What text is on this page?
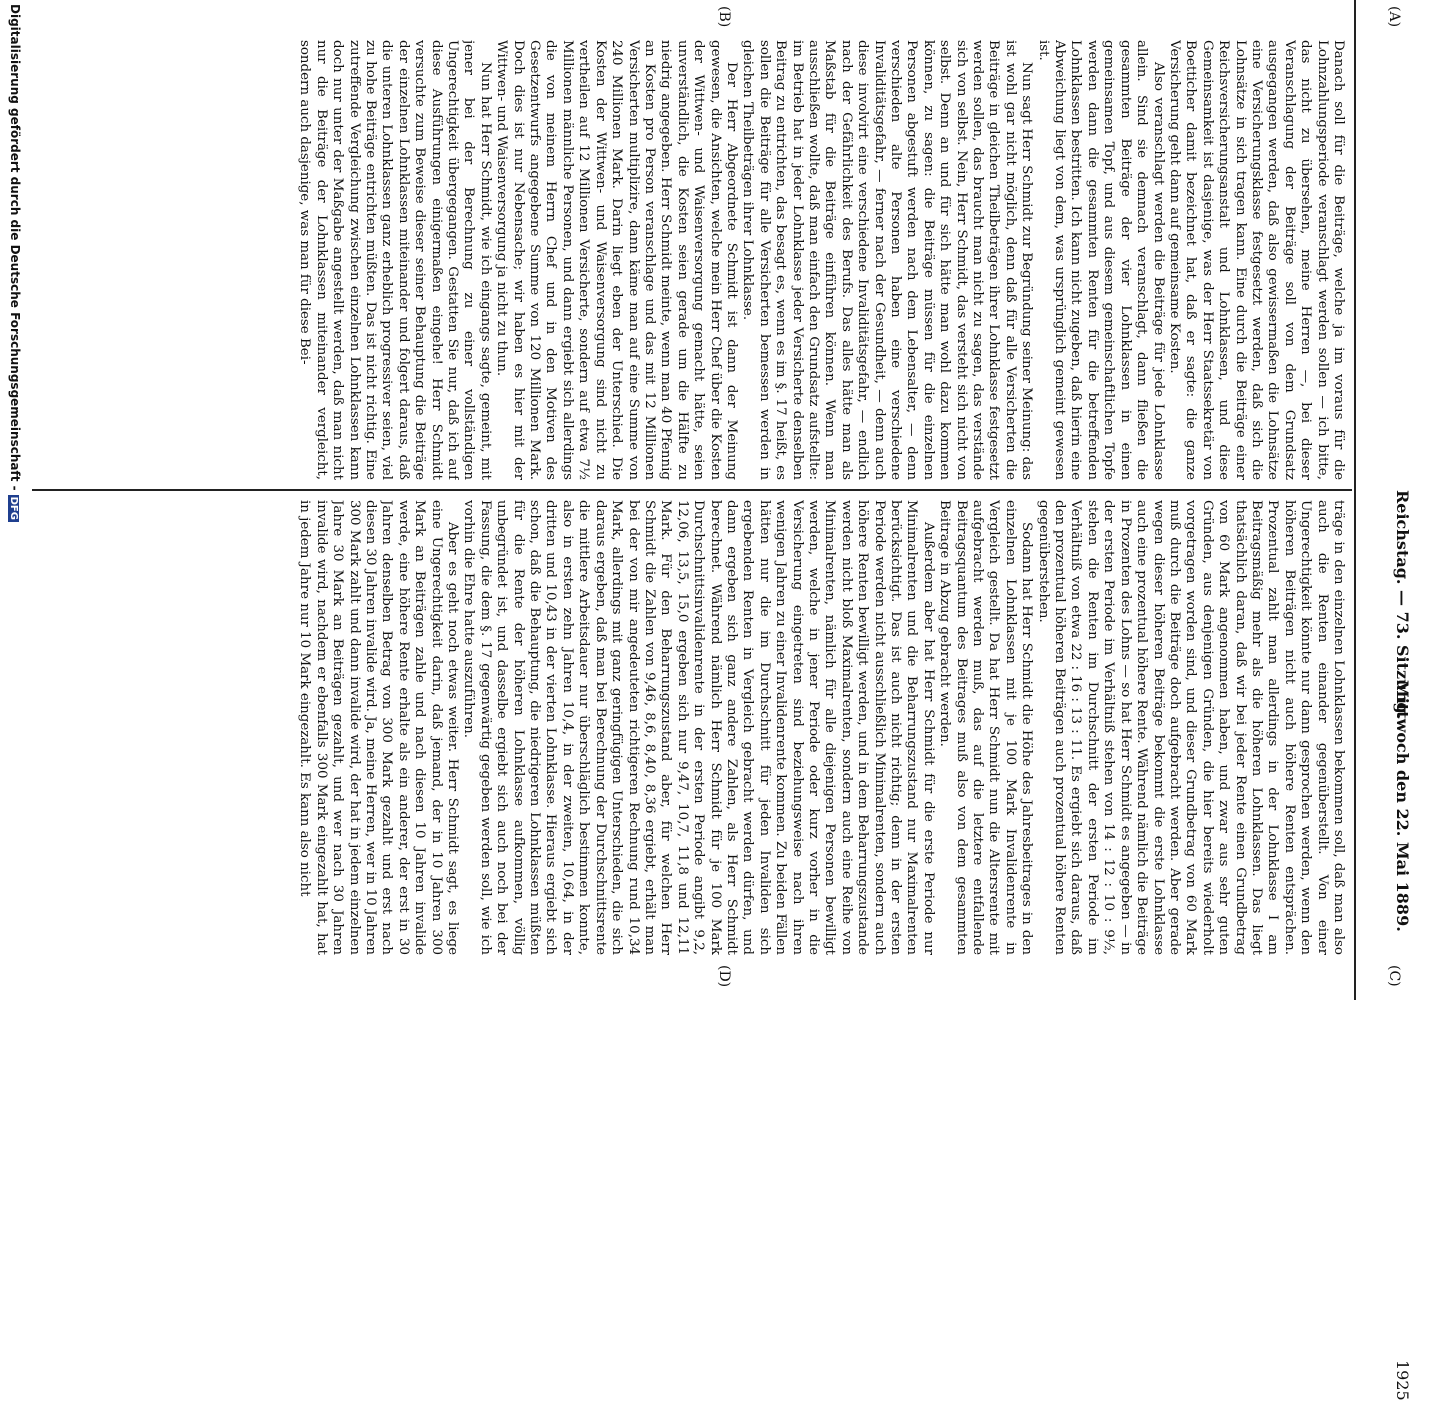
Reichstag. — 73. Sitzung.
Mittwoch den 22. Mai 1889.
1925
(A)
(B)
(C)
(D)

Danach soll für die Beiträge, welche ja im voraus für die Lohnzahlungsperiode veranschlagt werden sollen — ich bitte, das nicht zu übersehen, meine Herren —, bei dieser Veranschlagung der Beiträge soll von dem Grundsatz ausgegangen werden, daß also gewissermaßen die Lohnsätze eine Versicherungsklasse festgesetzt werden, daß sich die Lohnsätze in sich tragen kann. Eine durch die Beiträge einer Reichsversicherungsanstalt und Lohnklassen, und diese Gemeinsamkeit ist dasjenige, was der Herr Staatssekretär von Boetticher damit bezeichnet hat, daß er sagte: die ganze Versicherung geht dann auf gemeinsame Kosten.

Also veranschlagt werden die Beiträge für jede Lohnklasse allein. Sind sie demnach veranschlagt, dann fließen die gesammten Beiträge der vier Lohnklassen in einen gemeinsamen Topf, und aus diesem gemeinschaftlichen Topfe werden dann die gesammten Renten für die betreffenden Lohnklassen bestritten. Ich kann nicht zugeben, daß hierin eine Abweichung liegt von dem, was ursprünglich gemeint gewesen ist.

Nun sagt Herr Schmidt zur Begründung seiner Meinung: das ist wohl gar nicht möglich, denn daß für alle Versicherten die Beiträge in gleichen Theilbeträgen ihrer Lohnklasse festgesetzt werden sollen, das braucht man nicht zu sagen, das verstände sich von selbst. Nein, Herr Schmidt, das versteht sich nicht von selbst. Denn an und für sich hätte man wohl dazu kommen können, zu sagen: die Beiträge müssen für die einzelnen Personen abgestuft werden nach dem Lebensalter, — denn verschieden alte Personen haben eine verschiedene Invaliditätsgefahr, — ferner nach der Gesundheit, — denn auch diese involvirt eine verschiedene Invaliditätsgefahr, — endlich nach der Gefährlichkeit des Berufs. Das alles hätte man als Maßstab für die Beiträge einführen können. Wenn man ausschließen wollte, daß man einfach den Grundsatz aufstellte: im Betrieb hat in jeder Lohnklasse jeder Versicherte denselben Beitrag zu entrichten, das besagt es, wenn es im §. 17 heißt, es sollen die Beiträge für alle Versicherten bemessen werden in gleichen Theilbeträgen ihrer Lohnklasse.

Der Herr Abgeordnete Schmidt ist dann der Meinung gewesen, die Ansichten, welche mein Herr Chef über die Kosten der Wittwen- und Waisenversorgung gemacht hätte, seien unverständlich, die Kosten seien gerade um die Hälfte zu niedrig angegeben. Herr Schmidt meinte, wenn man 40 Pfennig an Kosten pro Person veranschlage und das mit 12 Millionen Versicherten multiplizire, dann käme man auf eine Summe von 240 Millionen Mark. Darin liegt eben der Unterschied. Die Kosten der Wittwen- und Waisenversorgung sind nicht zu vertheilen auf 12 Millionen Versicherte, sondern auf etwa 7½ Millionen männliche Personen, und dann ergiebt sich allerdings die von meinem Herrn Chef und in den Motiven des Gesetzentwurfs angegebene Summe von 120 Millionen Mark. Doch dies ist nur Nebensache; wir haben es hier mit der Wittwen- und Waisenversorgung ja nicht zu thun.

Nun hat Herr Schmidt, wie ich eingangs sagte, gemeint, mit jener bei der Berechnung zu einer vollständigen Ungerechtigkeit übergegangen. Gestatten Sie nur, daß ich auf diese Ausführungen einigermaßen eingehe! Herr Schmidt versuchte zum Beweise dieser seiner Behauptung die Beiträge der einzelnen Lohnklassen miteinander und folgert daraus, daß die unteren Lohnklassen ganz erheblich progressiver seien, viel zu hohe Beiträge entrichten müßten. Das ist nicht richtig. Eine zutreffende Vergleichung zwischen einzelnen Lohnklassen kann doch nur unter der Maßgabe angestellt werden, daß man nicht nur die Beiträge der Lohnklassen miteinander vergleicht, sondern auch dasjenige, was man für diese Bei-

träge in den einzelnen Lohnklassen bekommen soll, daß man also auch die Renten einander gegenüberstellt. Von einer Ungerechtigkeit könnte nur dann gesprochen werden, wenn den höheren Beiträgen nicht auch höhere Renten entsprächen. Prozentual zahlt man allerdings in der Lohnklasse I am Beitragsmäßig mehr als die höheren Lohnklassen. Das liegt thatsächlich daran, daß wir bei jeder Rente einen Grundbetrag von 60 Mark angenommen haben, und zwar aus sehr guten Gründen, aus denjenigen Gründen, die hier bereits wiederholt vorgetragen worden sind, und dieser Grundbetrag von 60 Mark muß durch die Beiträge doch aufgebracht werden. Aber gerade wegen dieser höheren Beiträge bekommt die erste Lohnklasse auch eine prozentual höhere Rente. Während nämlich die Beiträge in Prozenten des Lohns — so hat Herr Schmidt es angegeben — in der ersten Periode im Verhältniß stehen von 14 : 12 : 10 : 9½, stehen die Renten im Durchschnitt der ersten Periode im Verhältniß von etwa 22 : 16 : 13 : 11. Es ergiebt sich daraus, daß den prozentual höheren Beiträgen auch prozentual höhere Renten gegenüberstehen.

Sodann hat Herr Schmidt die Höhe des Jahresbeitrages in den einzelnen Lohnklassen mit je 100 Mark Invalidenrente in Vergleich gestellt. Da hat Herr Schmidt nun die Altersrente mit aufgebracht werden muß, das auf die letztere entfallende Beitragsquantum des Beitrages muß also von dem gesammten Beitrage in Abzug gebracht werden.

Außerdem aber hat Herr Schmidt für die erste Periode nur Minimalrenten und die Beharrungszustand nur Maximalrenten berücksichtigt. Das ist auch nicht richtig; denn in der ersten Periode werden nicht ausschließlich Minimalrenten, sondern auch höhere Renten bewilligt werden, und in dem Beharrungszustande werden nicht bloß Maximalrenten, sondern auch eine Reihe von Minimalrenten, nämlich für alle diejenigen Personen bewilligt werden, welche in jener Periode oder kurz vorher in die Versicherung eingetreten sind beziehungsweise nach ihren wenigen Jahren zu einer Invalidenrente kommen. Zu beiden Fällen hätten nur die im Durchschnitt für jeden Invaliden sich ergebenden Renten in Vergleich gebracht werden dürfen, und dann ergeben sich ganz andere Zahlen, als Herr Schmidt berechnet. Während nämlich Herr Schmidt für je 100 Mark Durchschnittsinvalidenrente in der ersten Periode angibt 9,2, 12,06, 13,5, 15,0 ergeben sich nur 9,47, 10,7, 11,8 und 12,11 Mark. Für den Beharrungszustand aber, für welchen Herr Schmidt die Zahlen von 9,46, 8,6, 8,40, 8,36 ergiebt, erhält man bei der von mir angedeuteten richtigeren Rechnung rund 10,34 Mark, allerdings mit ganz geringfügigen Unterschieden, die sich daraus ergeben, daß man bei Berechnung der Durchschnittsrente die mittlere Arbeitsdauer nur überschläglich bestimmen konnte, also in ersten zehn Jahren 10,4, in der zweiten, 10,64, in der dritten und 10,43 in der vierten Lohnklasse. Hieraus ergiebt sich schon, daß die Behauptung, die niedrigeren Lohnklassen müßten für die Rente der höheren Lohnklasse aufkommen, völlig unbegründet ist, und dasselbe ergiebt sich auch noch bei der Fassung, die dem §. 17 gegenwärtig gegeben werden soll, wie ich vorhin die Ehre hatte auszuführen.

Aber es geht noch etwas weiter. Herr Schmidt sagt, es liege eine Ungerechtigkeit darin, daß jemand, der in 10 Jahren 300 Mark an Beiträgen zahle und nach diesen 10 Jahren invalide werde, eine höhere Rente erhalte als ein anderer, der erst in 30 Jahren denselben Betrag von 300 Mark gezahlt und erst nach diesen 30 Jahren invalide wird. Ja, meine Herren, wer in 10 Jahren 300 Mark zahlt und dann invalide wird, der hat in jedem einzelnen Jahre 30 Mark an Beiträgen gezahlt, und wer nach 30 Jahren invalide wird, nachdem er ebenfalls 300 Mark eingezahlt hat, hat in jedem Jahre nur 10 Mark eingezahlt. Es kann also nicht

Digitalisierung gefördert durch die Deutsche Forschungsgemeinschaft -DFG
